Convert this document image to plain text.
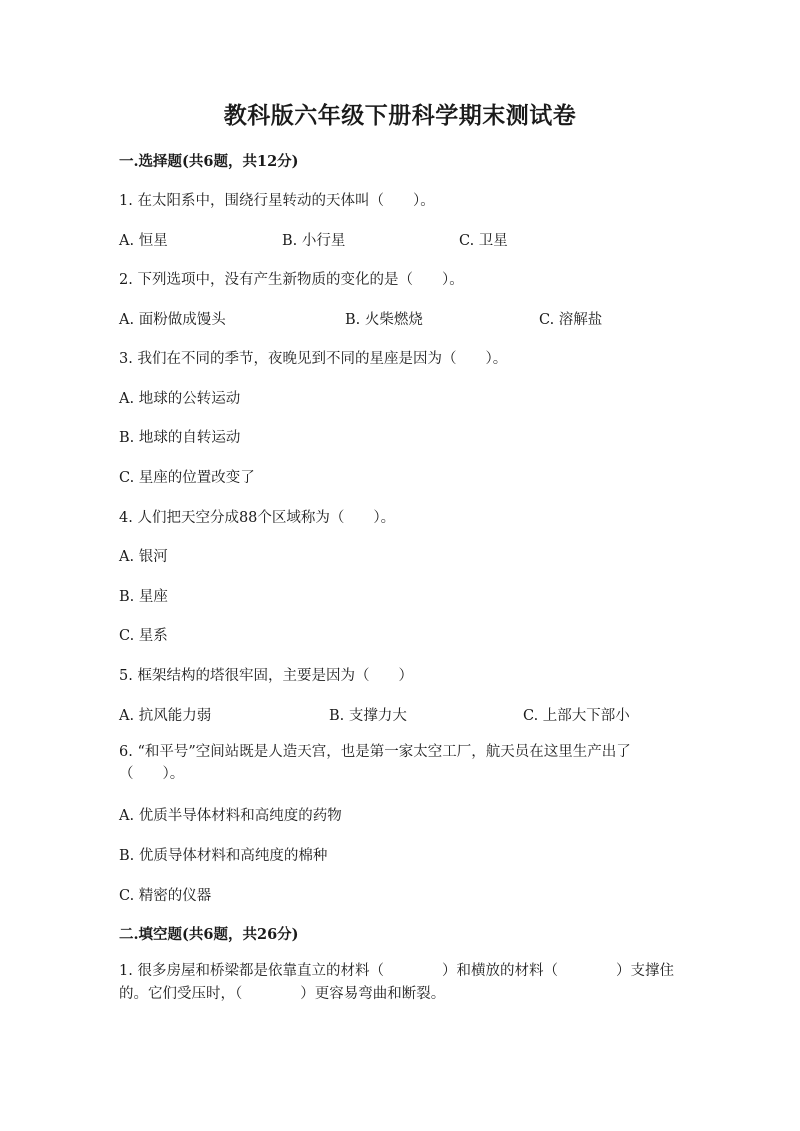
教科版六年级下册科学期末测试卷
一.选择题(共6题，共12分)
1. 在太阳系中，围绕行星转动的天体叫（　　）。
A. 恒星	B. 小行星	C. 卫星
2. 下列选项中，没有产生新物质的变化的是（　　）。
A. 面粉做成馒头	B. 火柴燃烧	C. 溶解盐
3. 我们在不同的季节，夜晚见到不同的星座是因为（　　）。
A. 地球的公转运动
B. 地球的自转运动
C. 星座的位置改变了
4. 人们把天空分成88个区域称为（　　）。
A. 银河
B. 星座
C. 星系
5. 框架结构的塔很牢固，主要是因为（　　）
A. 抗风能力弱	B. 支撑力大	C. 上部大下部小
6. “和平号”空间站既是人造天宫，也是第一家太空工厂，航天员在这里生产出了（　　）。
A. 优质半导体材料和高纯度的药物
B. 优质导体材料和高纯度的棉种
C. 精密的仪器
二.填空题(共6题，共26分)
1. 很多房屋和桥梁都是依靠直立的材料（　　　　）和横放的材料（　　　　）支撑住的。它们受压时，（　　　　）更容易弯曲和断裂。
